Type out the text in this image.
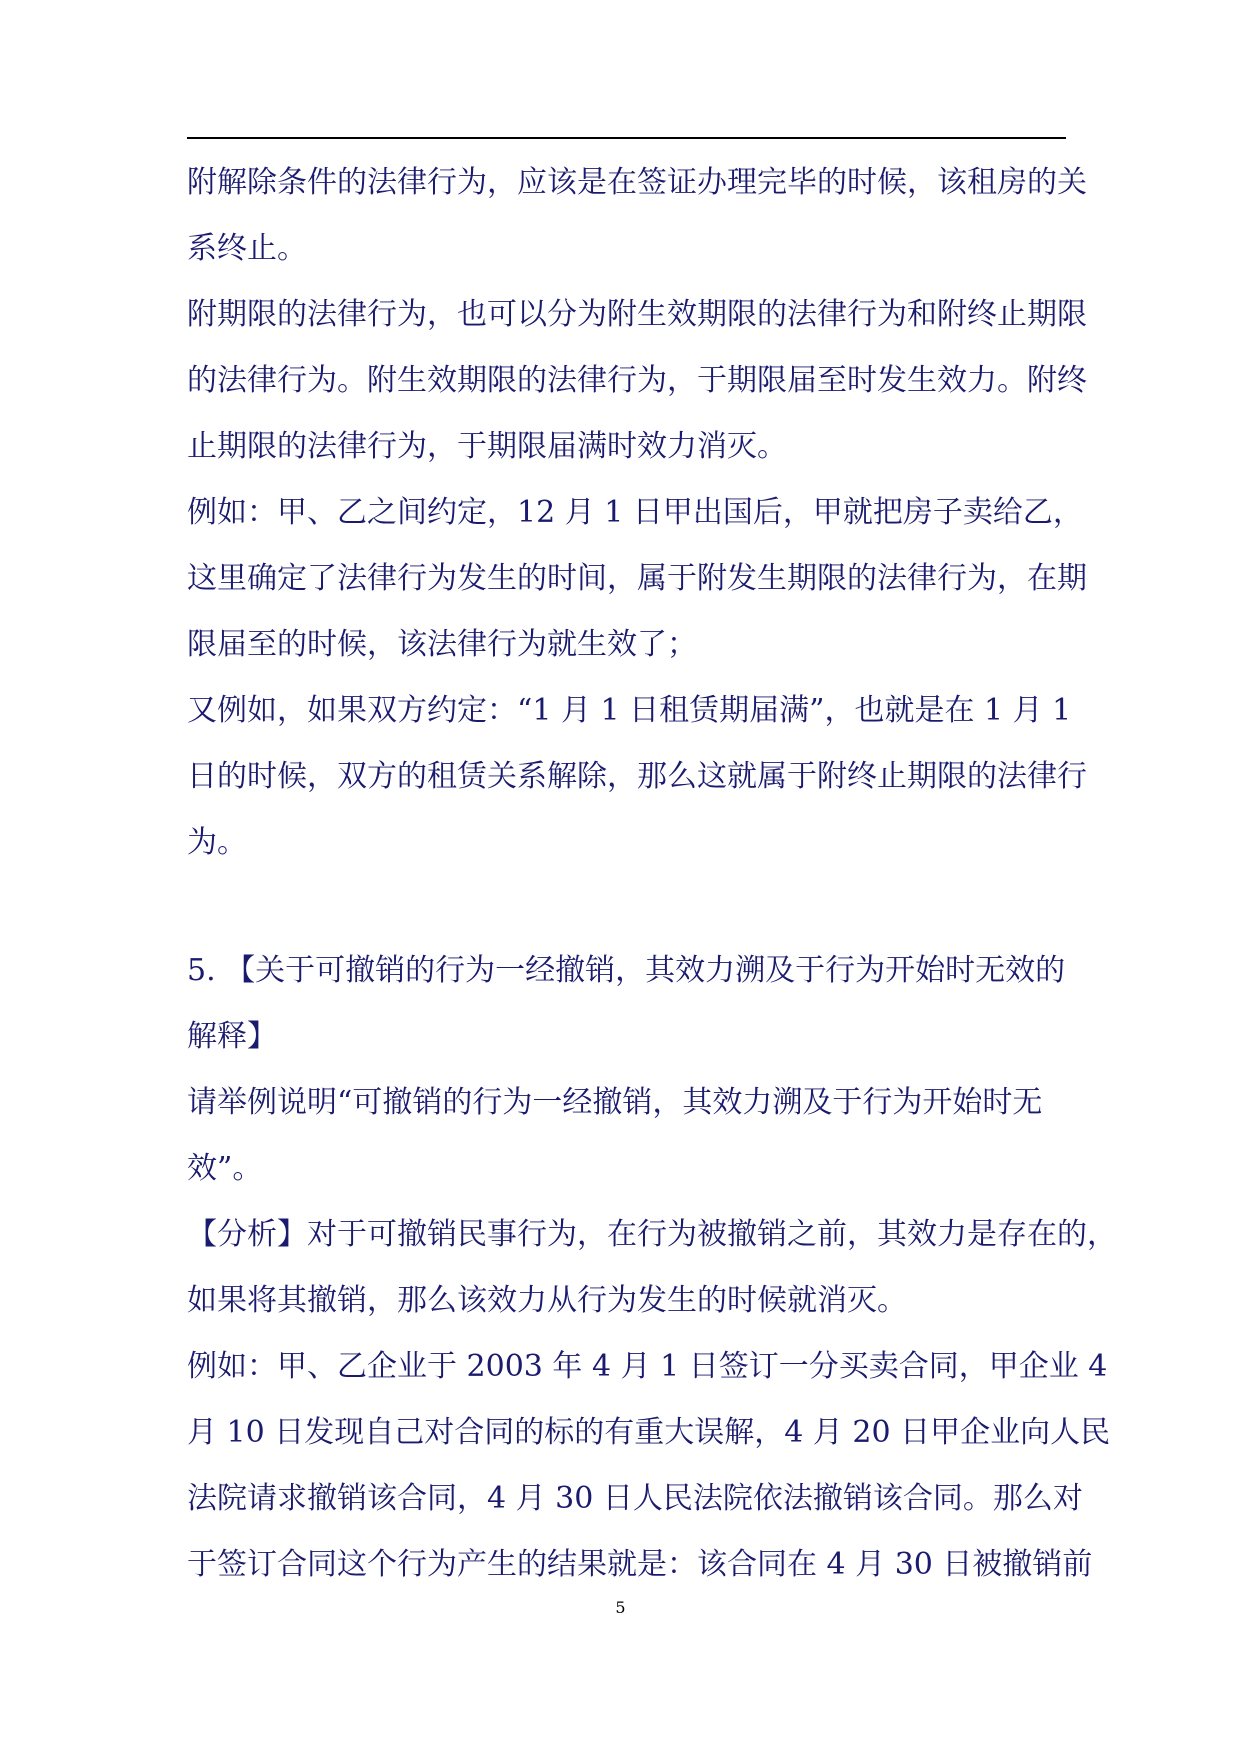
附解除条件的法律行为，应该是在签证办理完毕的时候，该租房的关
系终止。
附期限的法律行为，也可以分为附生效期限的法律行为和附终止期限
的法律行为。附生效期限的法律行为，于期限届至时发生效力。附终
止期限的法律行为，于期限届满时效力消灭。
例如：甲、乙之间约定，12 月 1 日甲出国后，甲就把房子卖给乙，
这里确定了法律行为发生的时间，属于附发生期限的法律行为，在期
限届至的时候，该法律行为就生效了；
又例如，如果双方约定：“1 月 1 日租赁期届满”，也就是在 1 月 1
日的时候，双方的租赁关系解除，那么这就属于附终止期限的法律行
为。
5. 【关于可撤销的行为一经撤销，其效力溯及于行为开始时无效的
解释】
请举例说明“可撤销的行为一经撤销，其效力溯及于行为开始时无
效”。
【分析】对于可撤销民事行为，在行为被撤销之前，其效力是存在的，
如果将其撤销，那么该效力从行为发生的时候就消灭。
例如：甲、乙企业于 2003 年 4 月 1 日签订一分买卖合同，甲企业 4
月 10 日发现自己对合同的标的有重大误解，4 月 20 日甲企业向人民
法院请求撤销该合同，4 月 30 日人民法院依法撤销该合同。那么对
于签订合同这个行为产生的结果就是：该合同在 4 月 30 日被撤销前
5
